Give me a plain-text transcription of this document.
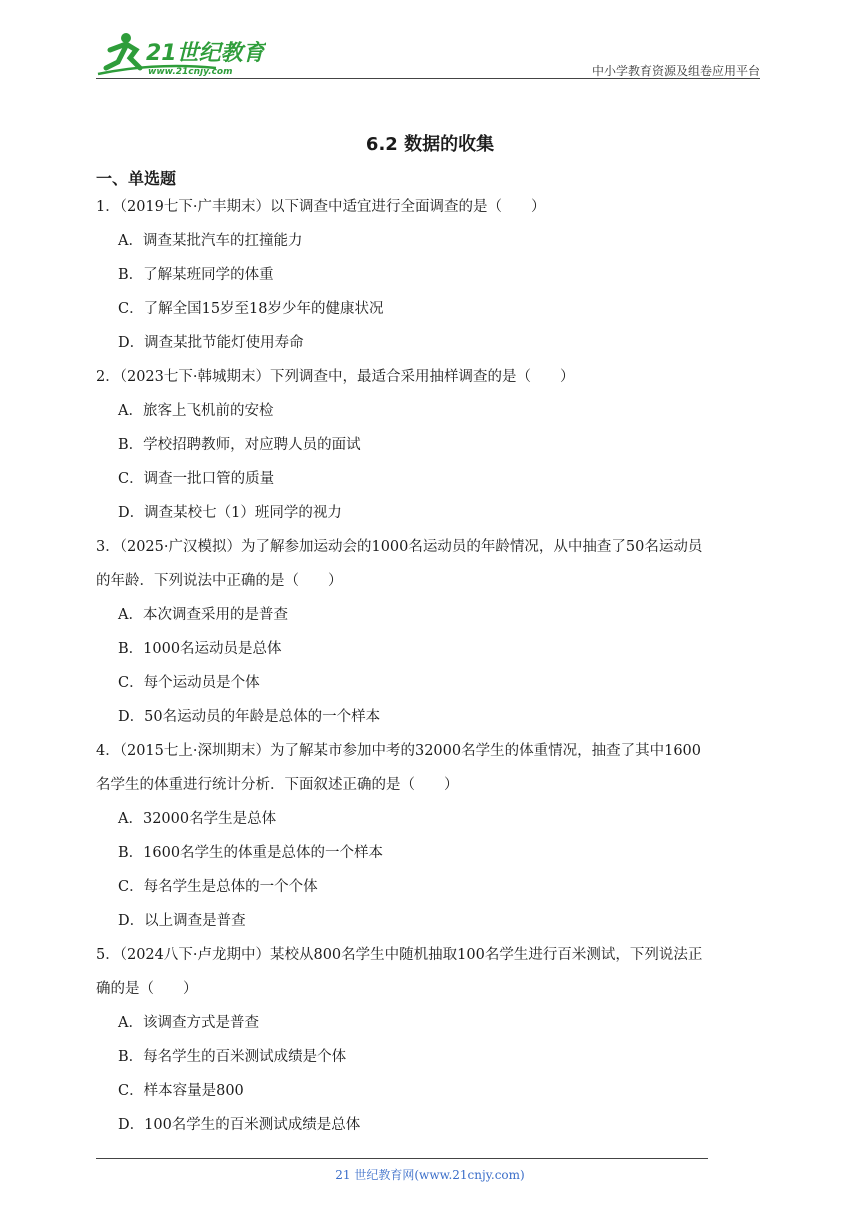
21世纪教育
www.21cnjy.com	中小学教育资源及组卷应用平台
6.2 数据的收集
一、单选题

1．（2019七下·广丰期末）以下调查中适宜进行全面调查的是（　　）

A．调查某批汽车的扛撞能力

B．了解某班同学的体重

C．了解全国15岁至18岁少年的健康状况

D．调查某批节能灯使用寿命

2．（2023七下·韩城期末）下列调查中，最适合采用抽样调查的是（　　）

A．旅客上飞机前的安检

B．学校招聘教师，对应聘人员的面试

C．调查一批口管的质量

D．调查某校七（1）班同学的视力

3．（2025·广汉模拟）为了解参加运动会的1000名运动员的年龄情况，从中抽查了50名运动员

的年龄．下列说法中正确的是（　　）

A．本次调查采用的是普查

B．1000名运动员是总体

C．每个运动员是个体

D．50名运动员的年龄是总体的一个样本

4．（2015七上·深圳期末）为了解某市参加中考的32000名学生的体重情况，抽查了其中1600

名学生的体重进行统计分析．下面叙述正确的是（　　）

A．32000名学生是总体

B．1600名学生的体重是总体的一个样本

C．每名学生是总体的一个个体

D．以上调查是普查

5．（2024八下·卢龙期中）某校从800名学生中随机抽取100名学生进行百米测试，下列说法正

确的是（　　）

A．该调查方式是普查

B．每名学生的百米测试成绩是个体

C．样本容量是800

D．100名学生的百米测试成绩是总体

21 世纪教育网(www.21cnjy.com)
